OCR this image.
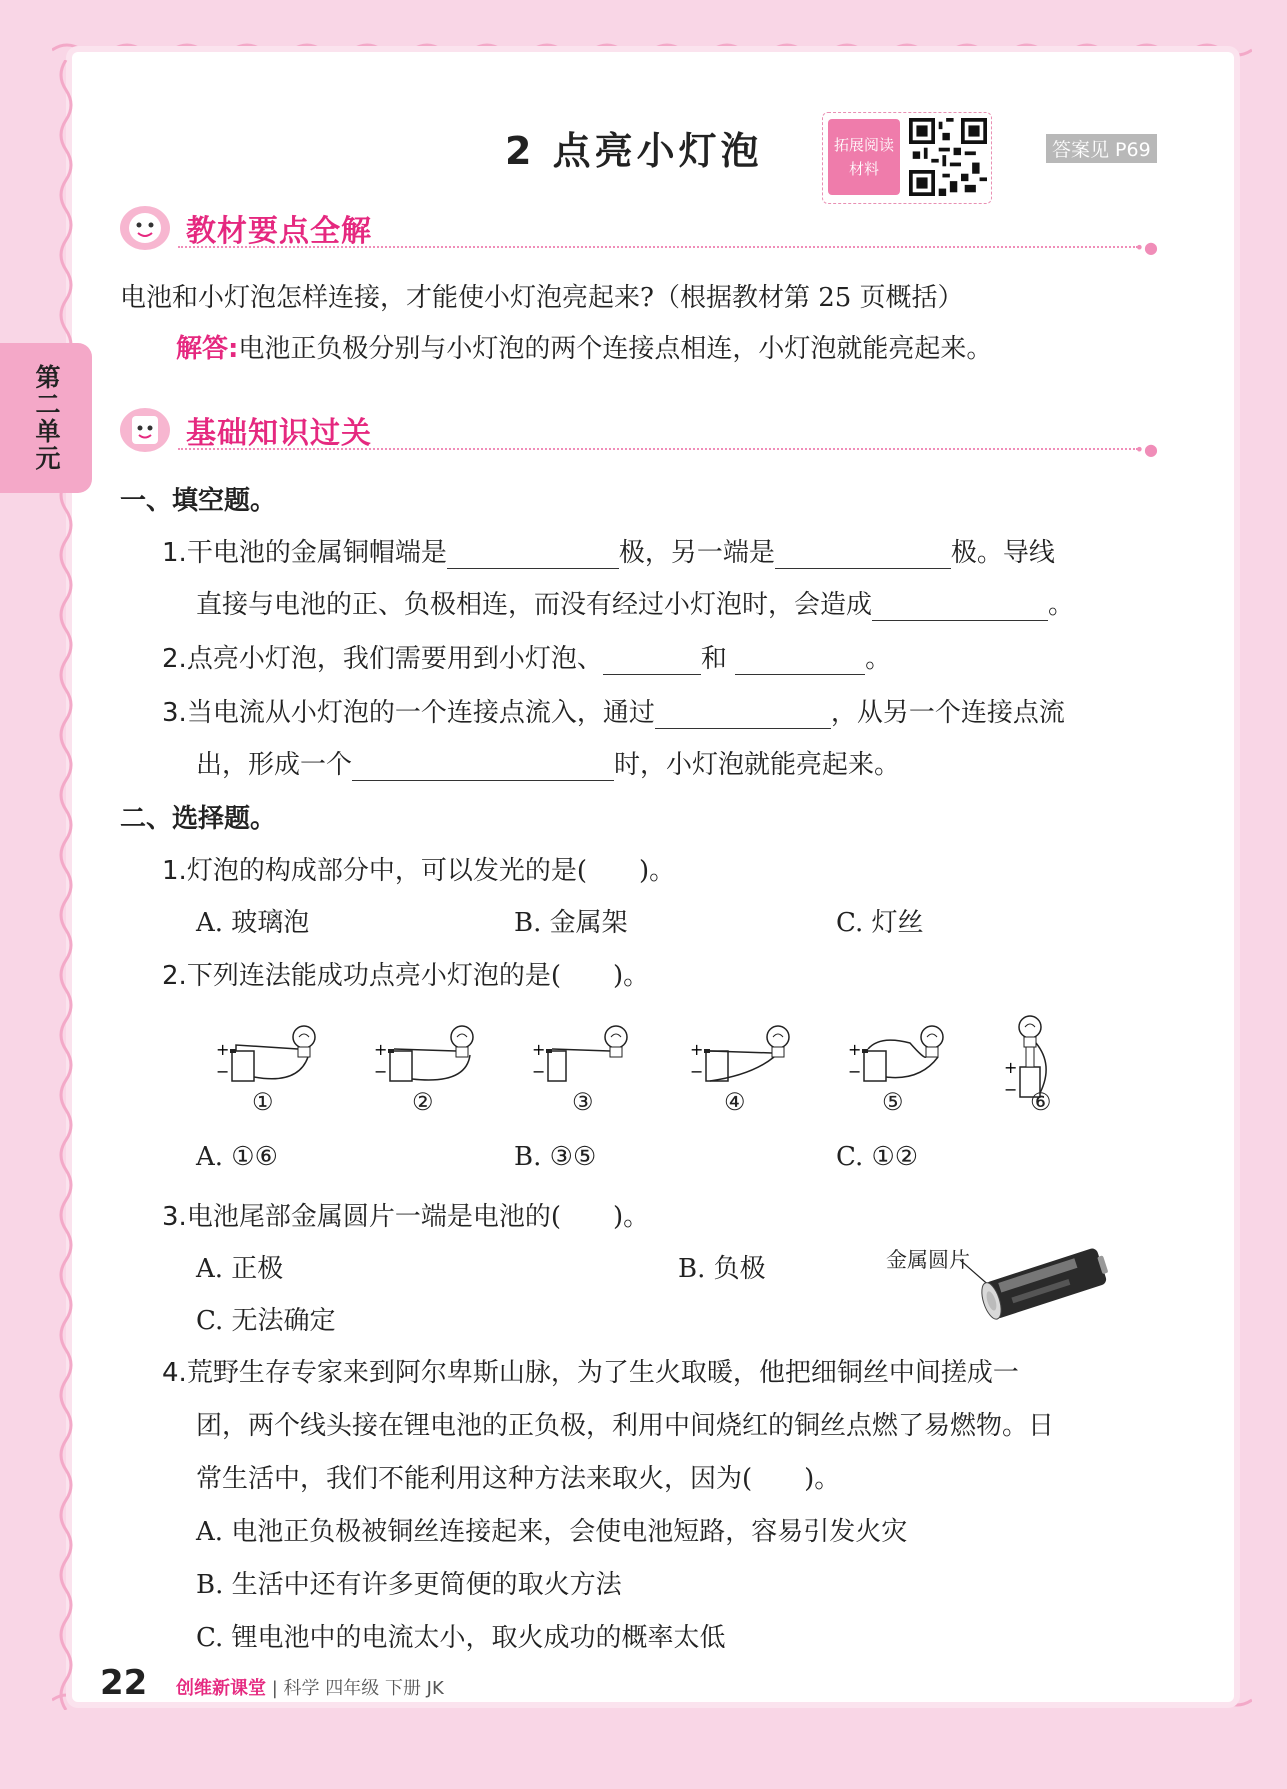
第二单元
2 点亮小灯泡	拓展阅读
材料
答案见 P69
教材要点全解	•●
电池和小灯泡怎样连接，才能使小灯泡亮起来?（根据教材第 25 页概括）
解答:电池正负极分别与小灯泡的两个连接点相连，小灯泡就能亮起来。
基础知识过关	•●
一、填空题。
1.干电池的金属铜帽端是	极，另一端是	极。导线
直接与电池的正、负极相连，而没有经过小灯泡时，会造成	。
2.点亮小灯泡，我们需要用到小灯泡、	和	。
3.当电流从小灯泡的一个连接点流入，通过	，从另一个连接点流
出，形成一个	时，小灯泡就能亮起来。
二、选择题。
1.灯泡的构成部分中，可以发光的是(　　)。
A. 玻璃泡	B. 金属架	C. 灯丝
2.下列连法能成功点亮小灯泡的是(　　)。
+
−
+
−
+
−
+
−
+
−	+
−
①	②	③	④	⑤	⑥
A. ①⑥	B. ③⑤	C. ①②
3.电池尾部金属圆片一端是电池的(　　)。
A. 正极	B. 负极
C. 无法确定
金属圆片
4.荒野生存专家来到阿尔卑斯山脉，为了生火取暖，他把细铜丝中间搓成一
团，两个线头接在锂电池的正负极，利用中间烧红的铜丝点燃了易燃物。日
常生活中，我们不能利用这种方法来取火，因为(　　)。
A. 电池正负极被铜丝连接起来，会使电池短路，容易引发火灾
B. 生活中还有许多更简便的取火方法
C. 锂电池中的电流太小，取火成功的概率太低
22 创维新课堂 | 科学 四年级 下册 JK
